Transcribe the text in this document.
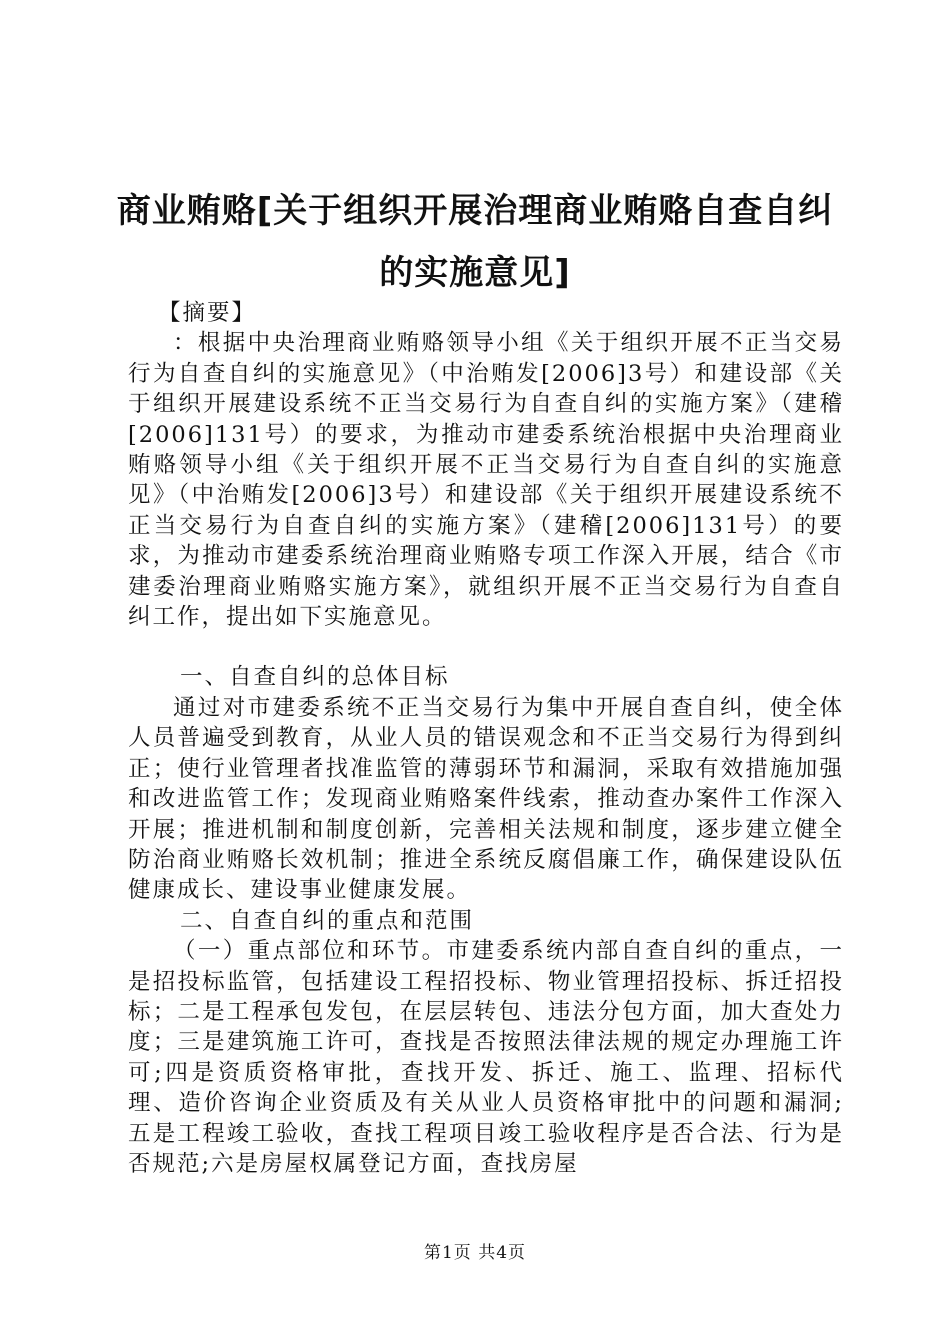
商业贿赂[关于组织开展治理商业贿赂自查自纠的实施意见]

【摘要】

：根据中央治理商业贿赂领导小组《关于组织开展不正当交易行为自查自纠的实施意见》（中治贿发[2006]3号）和建设部《关于组织开展建设系统不正当交易行为自查自纠的实施方案》（建稽[2006]131号）的要求，为推动市建委系统治根据中央治理商业贿赂领导小组《关于组织开展不正当交易行为自查自纠的实施意见》（中治贿发[2006]3号）和建设部《关于组织开展建设系统不正当交易行为自查自纠的实施方案》（建稽[2006]131号）的要求，为推动市建委系统治理商业贿赂专项工作深入开展，结合《市建委治理商业贿赂实施方案》，就组织开展不正当交易行为自查自纠工作，提出如下实施意见。

一、自查自纠的总体目标

通过对市建委系统不正当交易行为集中开展自查自纠，使全体人员普遍受到教育，从业人员的错误观念和不正当交易行为得到纠正；使行业管理者找准监管的薄弱环节和漏洞，采取有效措施加强和改进监管工作；发现商业贿赂案件线索，推动查办案件工作深入开展；推进机制和制度创新，完善相关法规和制度，逐步建立健全防治商业贿赂长效机制；推进全系统反腐倡廉工作，确保建设队伍健康成长、建设事业健康发展。

二、自查自纠的重点和范围

（一）重点部位和环节。市建委系统内部自查自纠的重点，一是招投标监管，包括建设工程招投标、物业管理招投标、拆迁招投标；二是工程承包发包，在层层转包、违法分包方面，加大查处力度；三是建筑施工许可，查找是否按照法律法规的规定办理施工许可;四是资质资格审批，查找开发、拆迁、施工、监理、招标代理、造价咨询企业资质及有关从业人员资格审批中的问题和漏洞;五是工程竣工验收，查找工程项目竣工验收程序是否合法、行为是否规范;六是房屋权属登记方面，查找房屋

第1页 共4页
